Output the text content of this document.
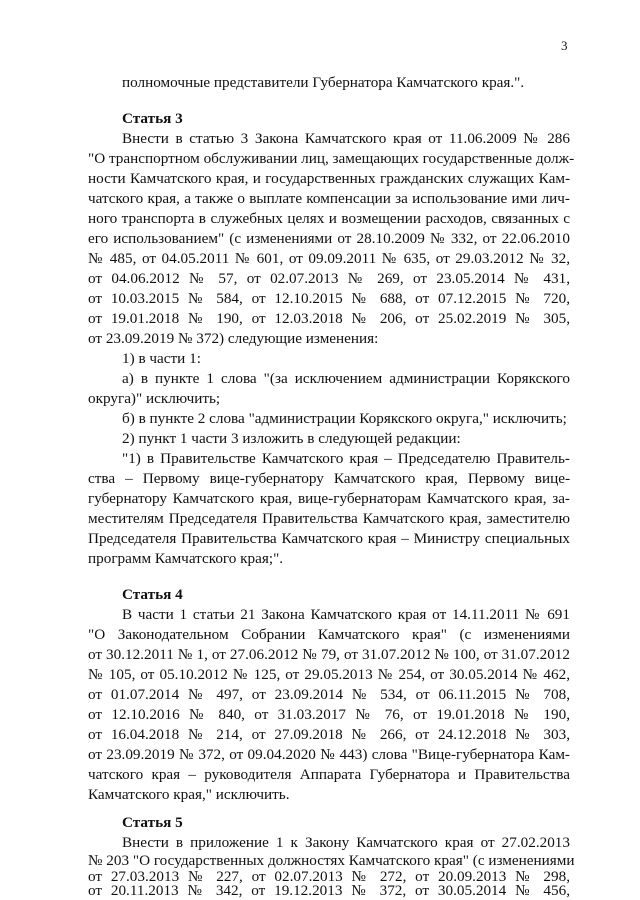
3
полномочные представители Губернатора Камчатского края.".
Статья 3
Внести в статью 3 Закона Камчатского края от 11.06.2009 № 286
"О транспортном обслуживании лиц, замещающих государственные долж-
ности Камчатского края, и государственных гражданских служащих Кам-
чатского края, а также о выплате компенсации за использование ими лич-
ного транспорта в служебных целях и возмещении расходов, связанных с
его использованием" (с изменениями от 28.10.2009 № 332, от 22.06.2010
№ 485, от 04.05.2011 № 601, от 09.09.2011 № 635, от 29.03.2012 № 32,
от 04.06.2012 № 57, от 02.07.2013 № 269, от 23.05.2014 № 431,
от 10.03.2015 № 584, от 12.10.2015 № 688, от 07.12.2015 № 720,
от 19.01.2018 № 190, от 12.03.2018 № 206, от 25.02.2019 № 305,
от 23.09.2019 № 372) следующие изменения:
1) в части 1:
а) в пункте 1 слова "(за исключением администрации Корякского
округа)" исключить;
б) в пункте 2 слова "администрации Корякского округа," исключить;
2) пункт 1 части 3 изложить в следующей редакции:
"1) в Правительстве Камчатского края – Председателю Правитель-
ства – Первому вице-губернатору Камчатского края, Первому вице-
губернатору Камчатского края, вице-губернаторам Камчатского края, за-
местителям Председателя Правительства Камчатского края, заместителю
Председателя Правительства Камчатского края – Министру специальных
программ Камчатского края;".
Статья 4
В части 1 статьи 21 Закона Камчатского края от 14.11.2011 № 691
"О Законодательном Собрании Камчатского края" (с изменениями
от 30.12.2011 № 1, от 27.06.2012 № 79, от 31.07.2012 № 100, от 31.07.2012
№ 105, от 05.10.2012 № 125, от 29.05.2013 № 254, от 30.05.2014 № 462,
от 01.07.2014 № 497, от 23.09.2014 № 534, от 06.11.2015 № 708,
от 12.10.2016 № 840, от 31.03.2017 № 76, от 19.01.2018 № 190,
от 16.04.2018 № 214, от 27.09.2018 № 266, от 24.12.2018 № 303,
от 23.09.2019 № 372, от 09.04.2020 № 443) слова "Вице-губернатора Кам-
чатского края – руководителя Аппарата Губернатора и Правительства
Камчатского края," исключить.
Статья 5
Внести в приложение 1 к Закону Камчатского края от 27.02.2013
№ 203 "О государственных должностях Камчатского края" (с изменениями
от 27.03.2013 № 227, от 02.07.2013 № 272, от 20.09.2013 № 298,
от 20.11.2013 № 342, от 19.12.2013 № 372, от 30.05.2014 № 456,
